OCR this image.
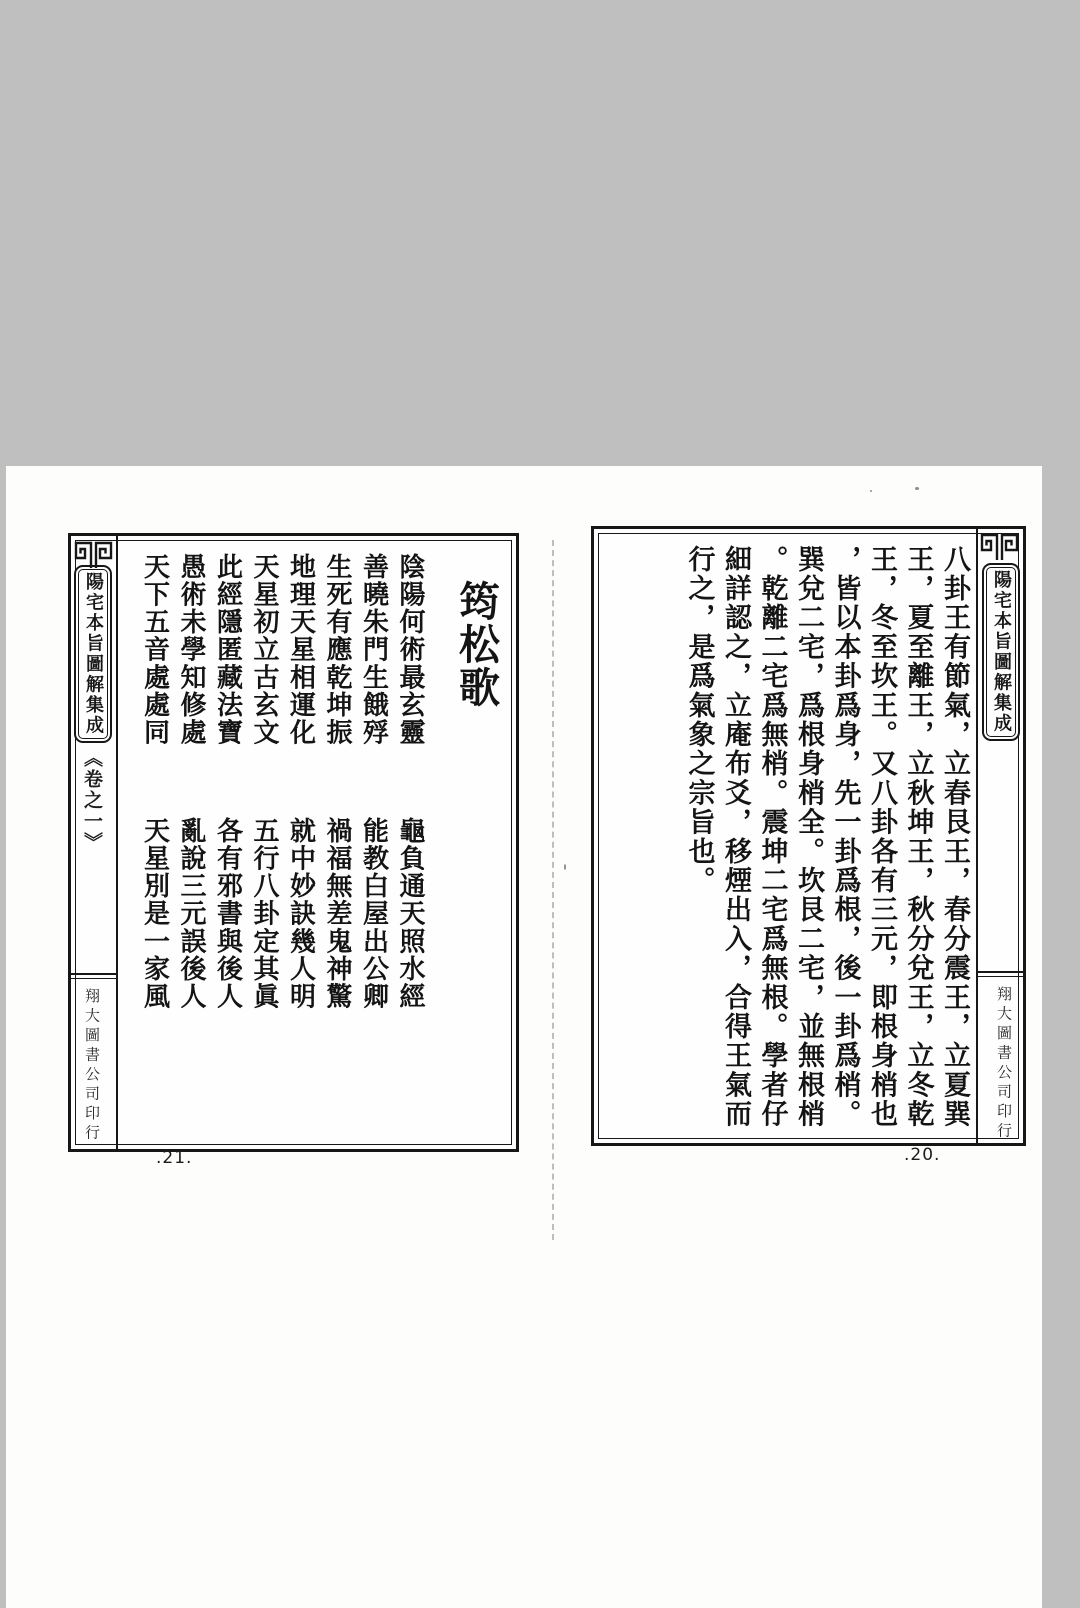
陽宅本旨圖解集成
《卷之一》
翔大圖書公司印行
筠松歌
陰陽何術最玄靈龜負通天照水經
善曉朱門生餓殍能教白屋出公卿
生死有應乾坤振禍福無差鬼神驚
地理天星相運化就中妙訣幾人明
天星初立古玄文五行八卦定其眞
此經隱匿藏法寶各有邪書與後人
愚術未學知修處亂說三元誤後人
天下五音處處同天星別是一家風
陽宅本旨圖解集成
翔大圖書公司印行
八卦王有節氣，立春艮王，春分震王，立夏巽
王，夏至離王，立秋坤王，秋分兌王，立冬乾
王，冬至坎王。又八卦各有三元，即根身梢也
，皆以本卦爲身，先一卦爲根，後一卦爲梢。
巽兌二宅，爲根身梢全。坎艮二宅，並無根梢
。乾離二宅爲無梢。震坤二宅爲無根。學者仔
細詳認之，立庵布爻，移煙出入，合得王氣而
行之，是爲氣象之宗旨也。
.21.	.20.
